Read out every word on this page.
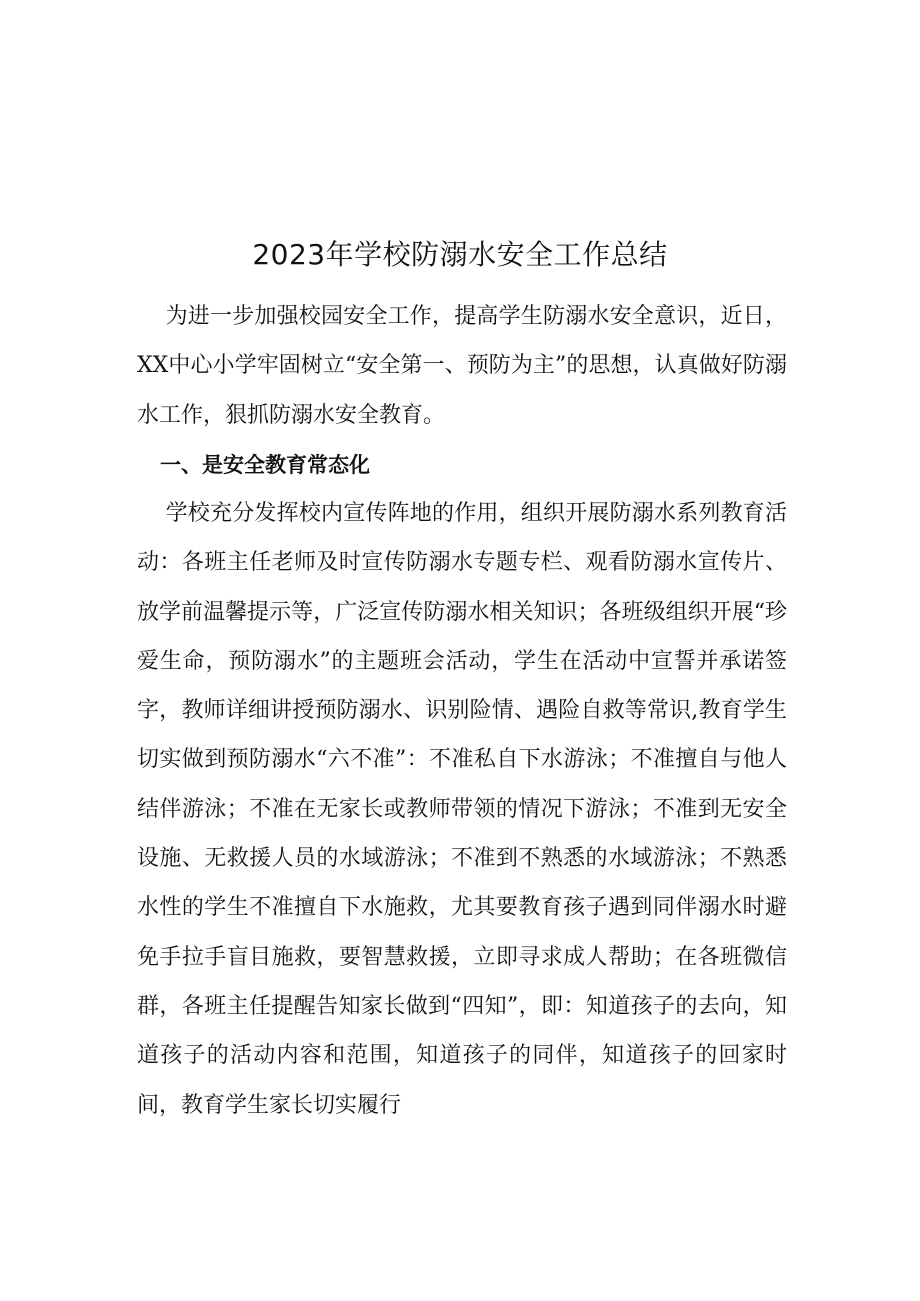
2023年学校防溺水安全工作总结

为进一步加强校园安全工作，提高学生防溺水安全意识，近日，XX中心小学牢固树立“安全第一、预防为主”的思想，认真做好防溺水工作，狠抓防溺水安全教育。

一、是安全教育常态化

学校充分发挥校内宣传阵地的作用，组织开展防溺水系列教育活动：各班主任老师及时宣传防溺水专题专栏、观看防溺水宣传片、放学前温馨提示等，广泛宣传防溺水相关知识；各班级组织开展“珍爱生命，预防溺水”的主题班会活动，学生在活动中宣誓并承诺签字，教师详细讲授预防溺水、识别险情、遇险自救等常识,教育学生切实做到预防溺水“六不准”：不准私自下水游泳；不准擅自与他人结伴游泳；不准在无家长或教师带领的情况下游泳；不准到无安全设施、无救援人员的水域游泳；不准到不熟悉的水域游泳；不熟悉水性的学生不准擅自下水施救，尤其要教育孩子遇到同伴溺水时避免手拉手盲目施救，要智慧救援，立即寻求成人帮助；在各班微信群，各班主任提醒告知家长做到“四知”，即：知道孩子的去向，知道孩子的活动内容和范围，知道孩子的同伴，知道孩子的回家时间，教育学生家长切实履行
